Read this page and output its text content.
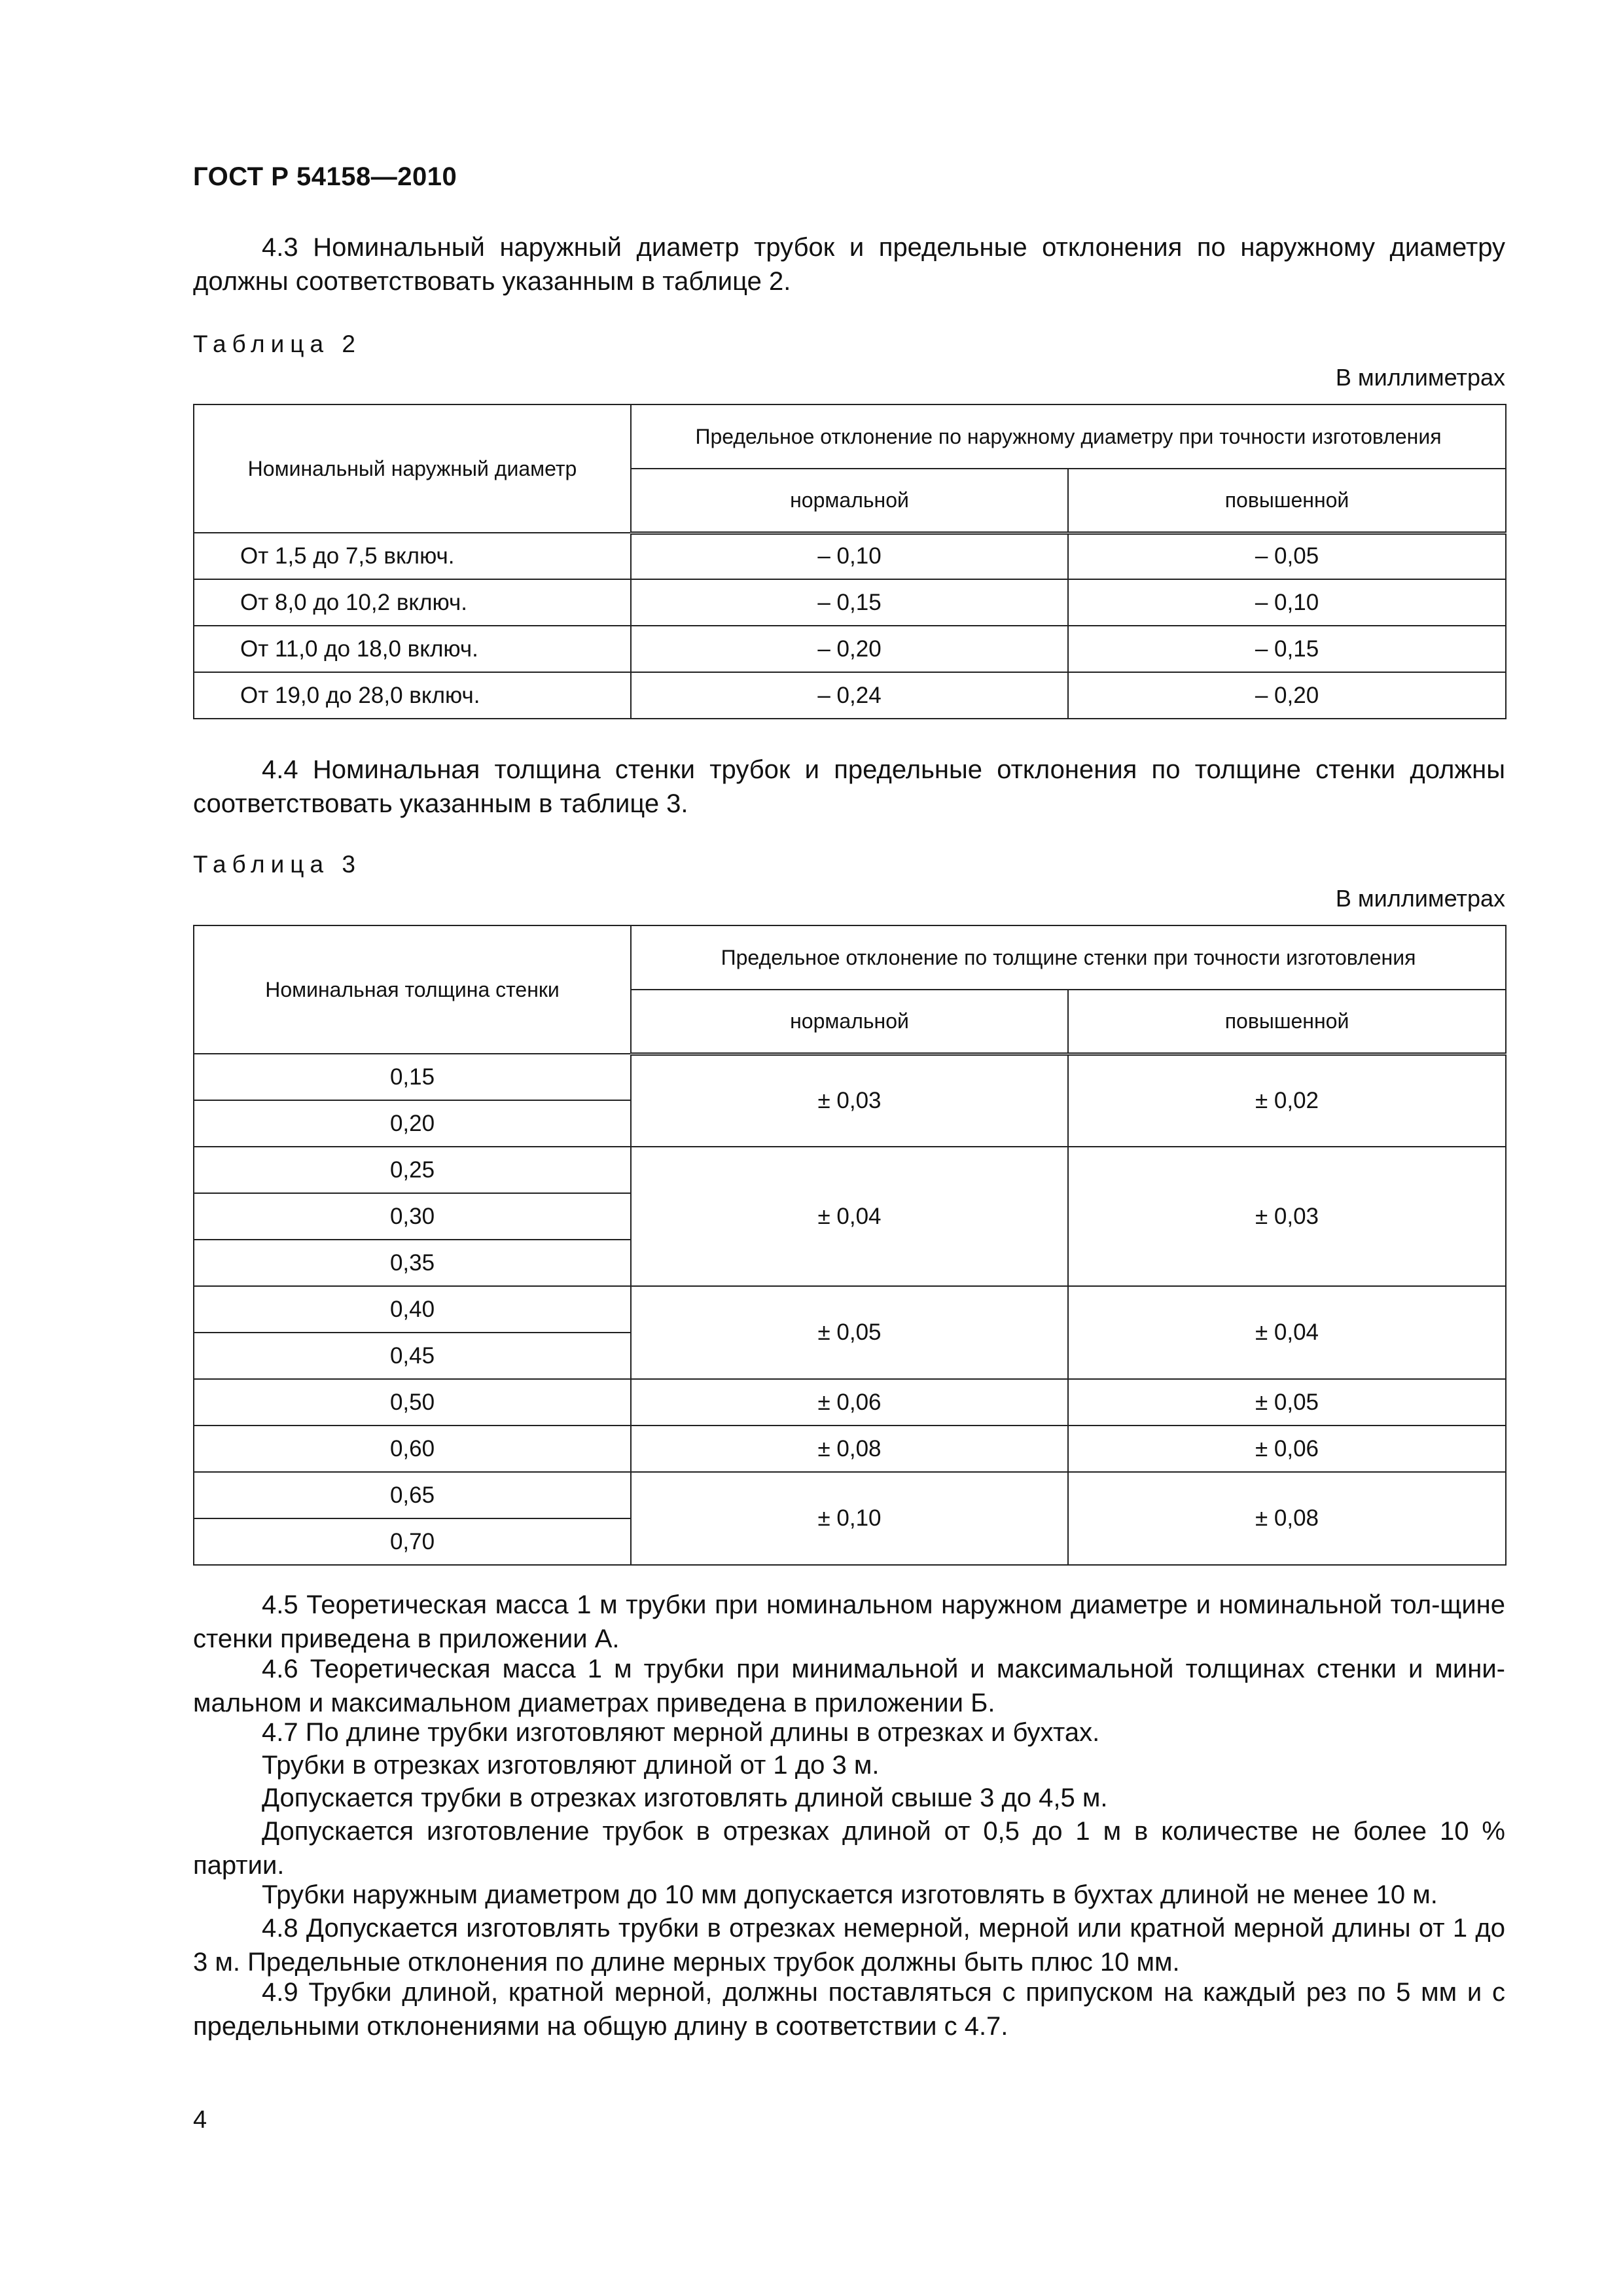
ГОСТ Р 54158—2010

4.3 Номинальный наружный диаметр трубок и предельные отклонения по наружному диаметру должны соответствовать указанным в таблице 2.

Таблица 2
В миллиметрах
Номинальный наружный диаметр	Предельное отклонение по наружному диаметру при точности изготовления	
	нормальной	повышенной
От 1,5 до 7,5 включ.	– 0,10	– 0,05
От 8,0 до 10,2 включ.	– 0,15	– 0,10
От 11,0 до 18,0 включ.	– 0,20	– 0,15
От 19,0 до 28,0 включ.	– 0,24	– 0,20

4.4 Номинальная толщина стенки трубок и предельные отклонения по толщине стенки должны соответствовать указанным в таблице 3.

Таблица 3
В миллиметрах
Номинальная толщина стенки	Предельное отклонение по толщине стенки при точности изготовления	
	нормальной	повышенной
0,15	± 0,03	± 0,02
0,20		
0,25	± 0,04	± 0,03
0,30		
0,35		
0,40	± 0,05	± 0,04
0,45		
0,50	± 0,06	± 0,05
0,60	± 0,08	± 0,06
0,65	± 0,10	± 0,08
0,70		

4.5 Теоретическая масса 1 м трубки при номинальном наружном диаметре и номинальной тол-щине стенки приведена в приложении А.

4.6 Теоретическая масса 1 м трубки при минимальной и максимальной толщинах стенки и мини-мальном и максимальном диаметрах приведена в приложении Б.

4.7 По длине трубки изготовляют мерной длины в отрезках и бухтах.

Трубки в отрезках изготовляют длиной от 1 до 3 м.

Допускается трубки в отрезках изготовлять длиной свыше 3 до 4,5 м.

Допускается изготовление трубок в отрезках длиной от 0,5 до 1 м в количестве не более 10 % партии.

Трубки наружным диаметром до 10 мм допускается изготовлять в бухтах длиной не менее 10 м.

4.8 Допускается изготовлять трубки в отрезках немерной, мерной или кратной мерной длины от 1 до 3 м. Предельные отклонения по длине мерных трубок должны быть плюс 10 мм.

4.9 Трубки длиной, кратной мерной, должны поставляться с припуском на каждый рез по 5 мм и с предельными отклонениями на общую длину в соответствии с 4.7.

4
